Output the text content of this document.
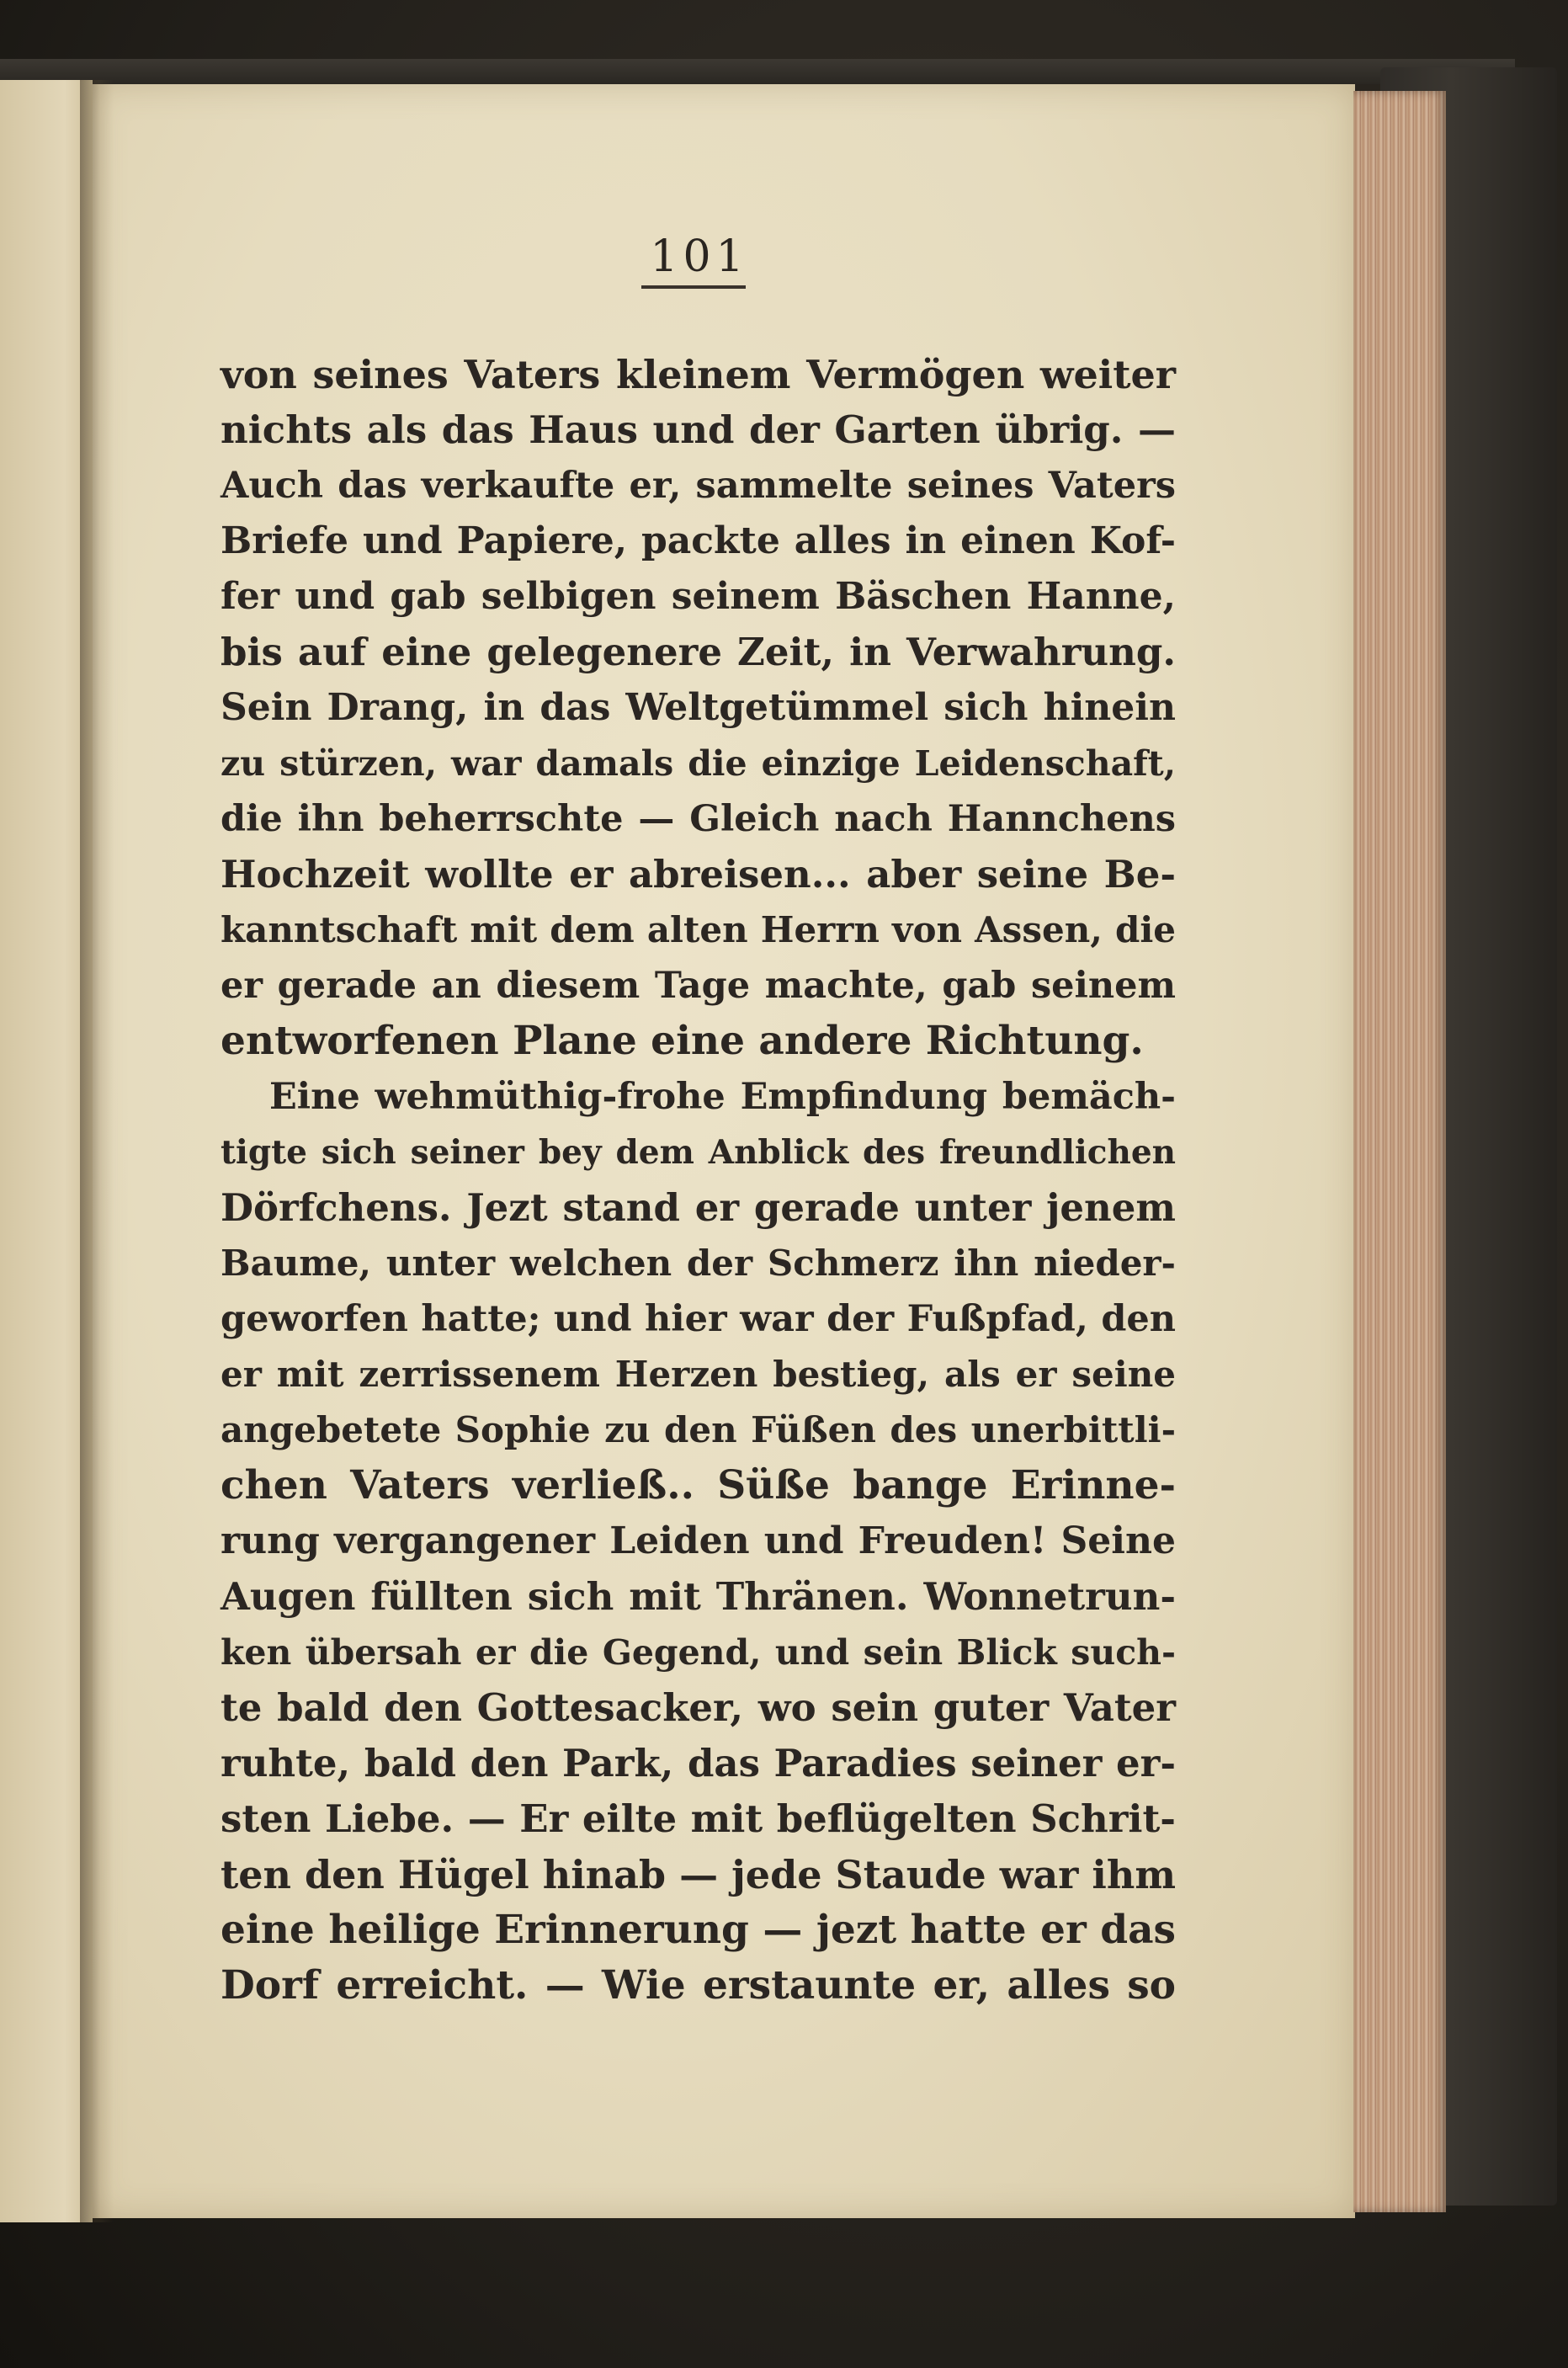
101
von seines Vaters kleinem Vermögen weiter
nichts als das Haus und der Garten übrig. —
Auch das verkaufte er, sammelte seines Vaters
Briefe und Papiere, packte alles in einen Kof-
fer und gab selbigen seinem Bäschen Hanne,
bis auf eine gelegenere Zeit, in Verwahrung.
Sein Drang, in das Weltgetümmel sich hinein
zu stürzen, war damals die einzige Leidenschaft,
die ihn beherrschte — Gleich nach Hannchens
Hochzeit wollte er abreisen... aber seine Be-
kanntschaft mit dem alten Herrn von Assen, die
er gerade an diesem Tage machte, gab seinem
entworfenen Plane eine andere Richtung.
Eine wehmüthig-frohe Empfindung bemäch-
tigte sich seiner bey dem Anblick des freundlichen
Dörfchens. Jezt stand er gerade unter jenem
Baume, unter welchen der Schmerz ihn nieder-
geworfen hatte; und hier war der Fußpfad, den
er mit zerrissenem Herzen bestieg, als er seine
angebetete Sophie zu den Füßen des unerbittli-
chen Vaters verließ.. Süße bange Erinne-
rung vergangener Leiden und Freuden! Seine
Augen füllten sich mit Thränen. Wonnetrun-
ken übersah er die Gegend, und sein Blick such-
te bald den Gottesacker, wo sein guter Vater
ruhte, bald den Park, das Paradies seiner er-
sten Liebe. — Er eilte mit beflügelten Schrit-
ten den Hügel hinab — jede Staude war ihm
eine heilige Erinnerung — jezt hatte er das
Dorf erreicht. — Wie erstaunte er, alles so
